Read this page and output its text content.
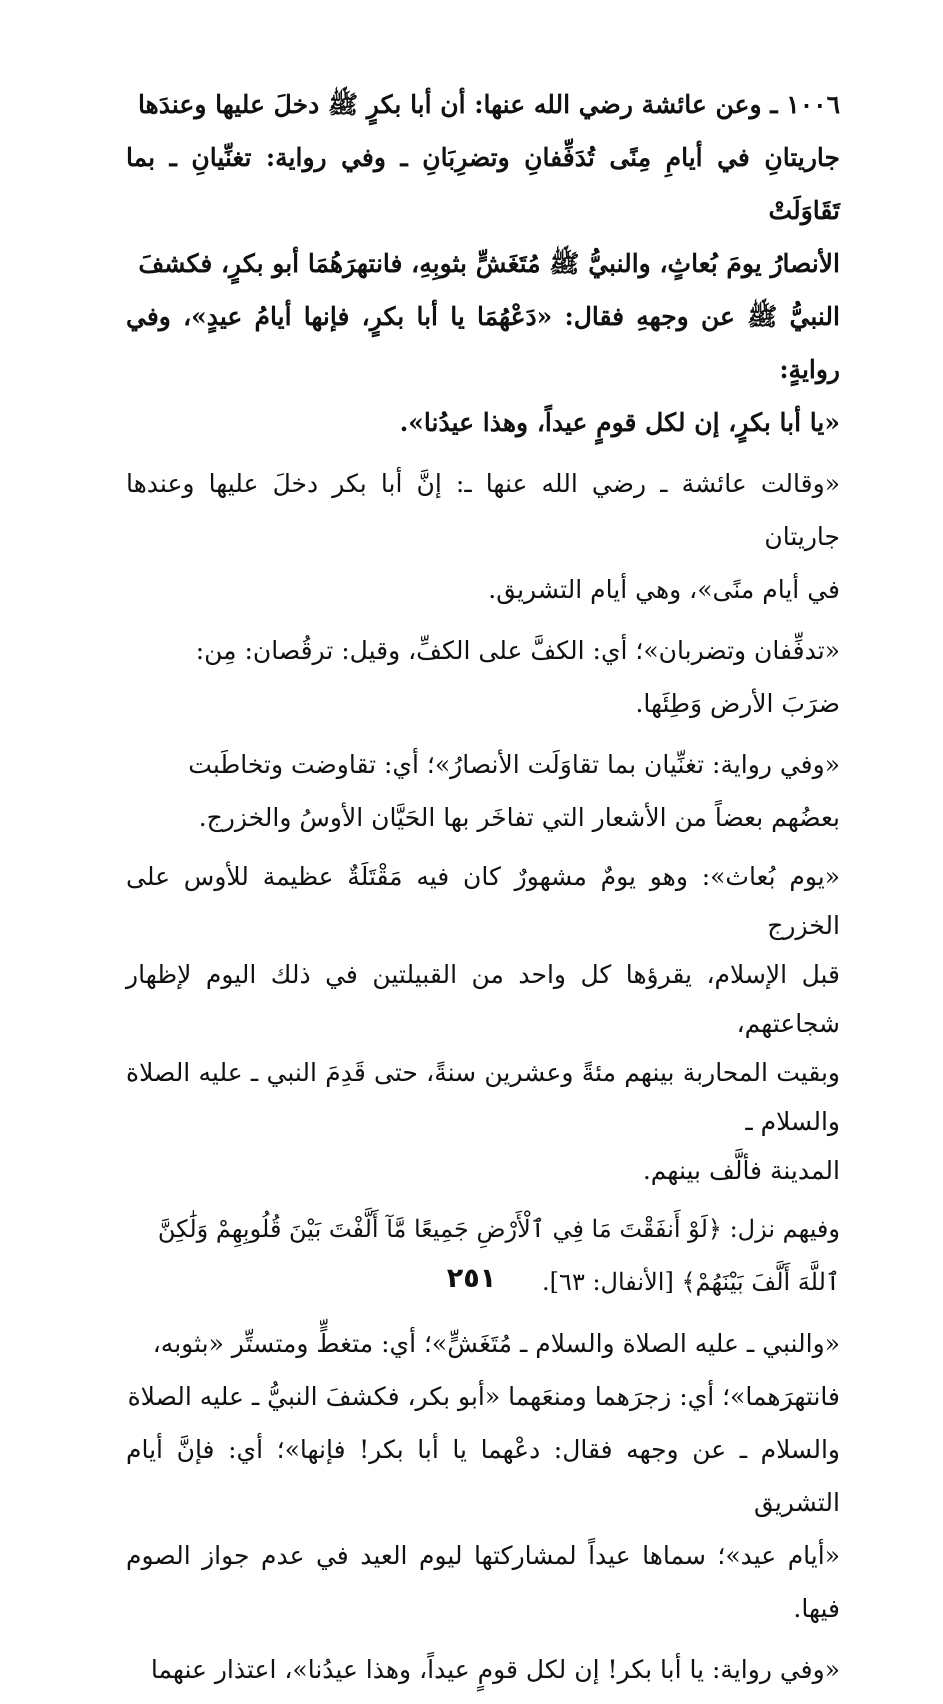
١٠٠٦ ـ وعن عائشة رضي الله عنها: أن أبا بكرٍ ﷺ دخلَ عليها وعندَها
جاريتانِ في أيامِ مِنًى تُدَفِّفانِ وتضرِبَانِ ـ وفي رواية: تغنِّيانِ ـ بما تَقَاوَلَتْ
الأنصارُ يومَ بُعاثٍ، والنبيُّ ﷺ مُتَغَشٍّ بثوبِهِ، فانتهرَهُمَا أبو بكرٍ، فكشفَ
النبيُّ ﷺ عن وجههِ فقال: «دَعْهُمَا يا أبا بكرٍ، فإنها أيامُ عيدٍ»، وفي روايةٍ:
«يا أبا بكرٍ، إن لكل قومٍ عيداً، وهذا عيدُنا».

«وقالت عائشة ـ رضي الله عنها ـ: إنَّ أبا بكر دخلَ عليها وعندها جاريتان
في أيام منًى»، وهي أيام التشريق.

«تدفِّفان وتضربان»؛ أي: الكفَّ على الكفِّ، وقيل: ترقُصان: مِن:
ضرَبَ الأرض وَطِئَها.

«وفي رواية: تغنِّيان بما تقاوَلَت الأنصارُ»؛ أي: تقاوضت وتخاطَبت
بعضُهم بعضاً من الأشعار التي تفاخَر بها الحَيَّان الأوسُ والخزرج.

«يوم بُعاث»: وهو يومٌ مشهورٌ كان فيه مَقْتَلَةٌ عظيمة للأوس على الخزرج
قبل الإسلام، يقرؤها كل واحد من القبيلتين في ذلك اليوم لإظهار شجاعتهم،
وبقيت المحاربة بينهم مئةً وعشرين سنةً، حتى قَدِمَ النبي ـ عليه الصلاة والسلام ـ
المدينة فألَّف بينهم.

وفيهم نزل: ﴿لَوْ أَنفَقْتَ مَا فِي ٱلْأَرْضِ جَمِيعًا مَّآ أَلَّفْتَ بَيْنَ قُلُوبِهِمْ وَلَٰكِنَّ
ٱللَّهَ أَلَّفَ بَيْنَهُمْ﴾ [الأنفال: ٦٣].

«والنبي ـ عليه الصلاة والسلام ـ مُتَغَشٍّ»؛ أي: متغطٍّ ومتستِّر «بثوبه،
فانتهرَهما»؛ أي: زجرَهما ومنعَهما «أبو بكر، فكشفَ النبيُّ ـ عليه الصلاة
والسلام ـ عن وجهه فقال: دعْهما يا أبا بكر! فإنها»؛ أي: فإنَّ أيام التشريق
«أيام عيد»؛ سماها عيداً لمشاركتها ليوم العيد في عدم جواز الصوم فيها.

«وفي رواية: يا أبا بكر! إن لكل قومٍ عيداً، وهذا عيدُنا»، اعتذار عنهما

٢٥١
